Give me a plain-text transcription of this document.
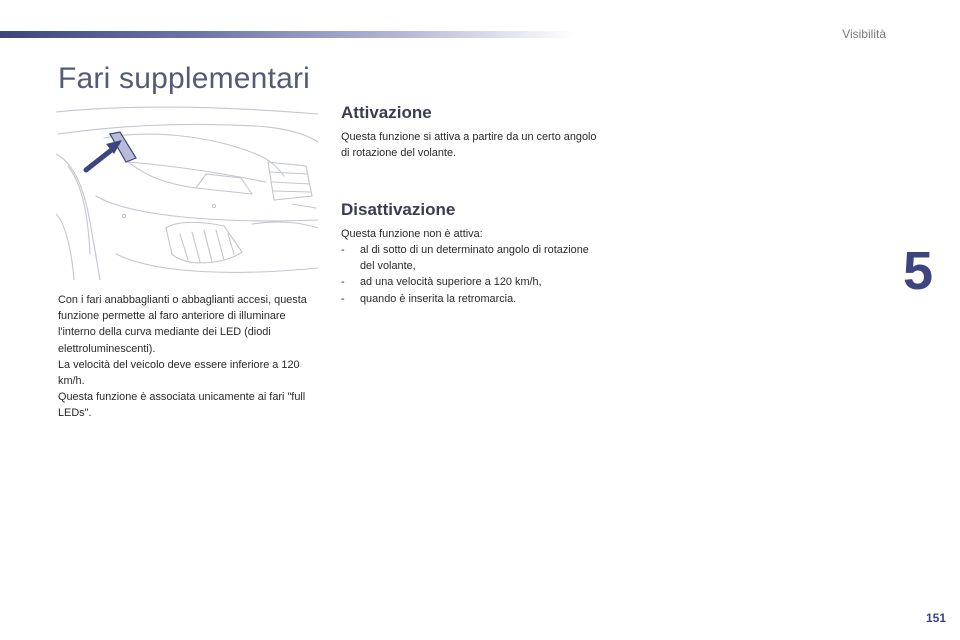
Visibilità
Fari supplementari

Con i fari anabbaglianti o abbaglianti accesi, questa funzione permette al faro anteriore di illuminare l'interno della curva mediante dei LED (diodi elettroluminescenti).

La velocità del veicolo deve essere inferiore a 120 km/h.

Questa funzione è associata unicamente ai fari "full LEDs".

Attivazione

Questa funzione si attiva a partire da un certo angolo di rotazione del volante.

Disattivazione

Questa funzione non è attiva:

- al di sotto di un determinato angolo di rotazione del volante,
- ad una velocità superiore a 120 km/h,
- quando è inserita la retromarcia.	5
151
